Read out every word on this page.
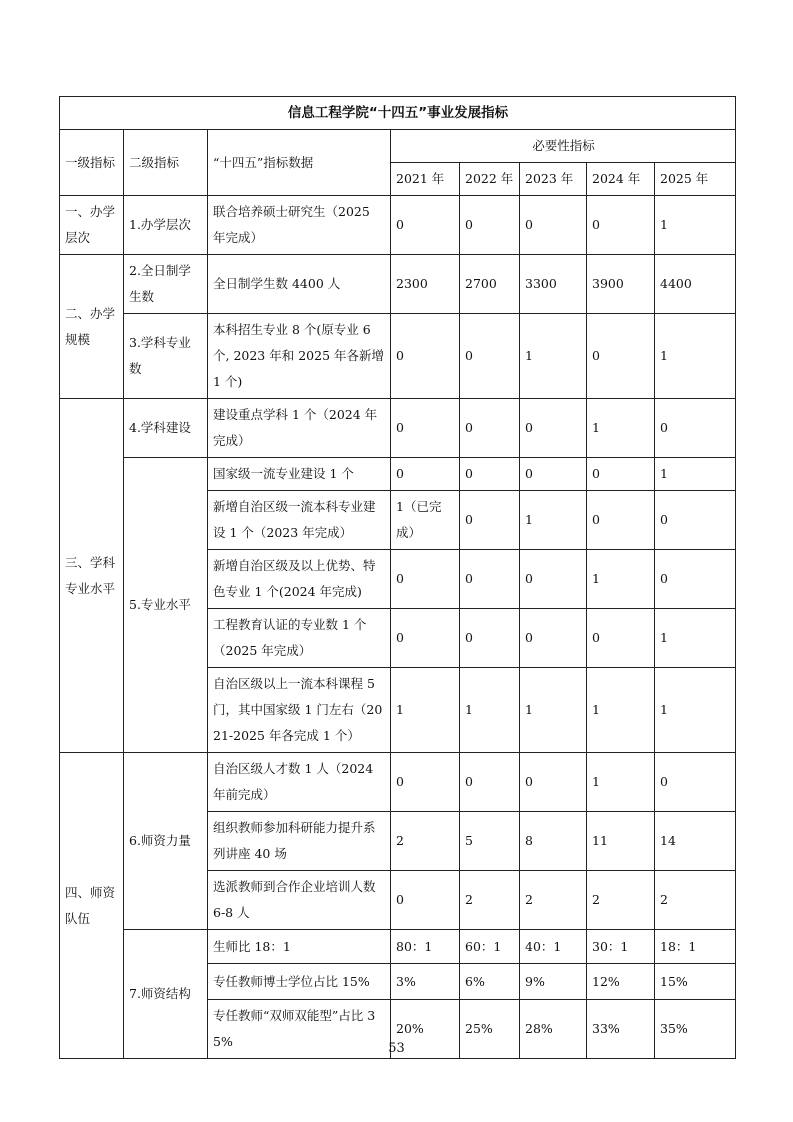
信息工程学院“十四五”事业发展指标							
一级指标	二级指标	“十四五”指标数据	必要性指标				
			2021 年	2022 年	2023 年	2024 年	2025 年
一、办学层次	1.办学层次	联合培养硕士研究生（2025 年完成）	0	0	0	0	1
二、办学规模	2.全日制学生数	全日制学生数 4400 人	2300	2700	3300	3900	4400
	3.学科专业数	本科招生专业 8 个(原专业 6 个, 2023 年和 2025 年各新增 1 个)	0	0	1	0	1
三、学科专业水平	4.学科建设	建设重点学科 1 个（2024 年完成）	0	0	0	1	0
	5.专业水平	国家级一流专业建设 1 个	0	0	0	0	1
		新增自治区级一流本科专业建设 1 个（2023 年完成）	1（已完成）	0	1	0	0
		新增自治区级及以上优势、特色专业 1 个(2024 年完成)	0	0	0	1	0
		工程教育认证的专业数 1 个（2025 年完成）	0	0	0	0	1
		自治区级以上一流本科课程 5 门，其中国家级 1 门左右（2021-2025 年各完成 1 个）	1	1	1	1	1
四、师资队伍	6.师资力量	自治区级人才数 1 人（2024 年前完成）	0	0	0	1	0
		组织教师参加科研能力提升系列讲座 40 场	2	5	8	11	14
		选派教师到合作企业培训人数 6-8 人	0	2	2	2	2
	7.师资结构	生师比 18：1	80：1	60：1	40：1	30：1	18：1
		专任教师博士学位占比 15%	3%	6%	9%	12%	15%
		专任教师“双师双能型”占比 35%	20%	25%	28%	33%	35%
53
